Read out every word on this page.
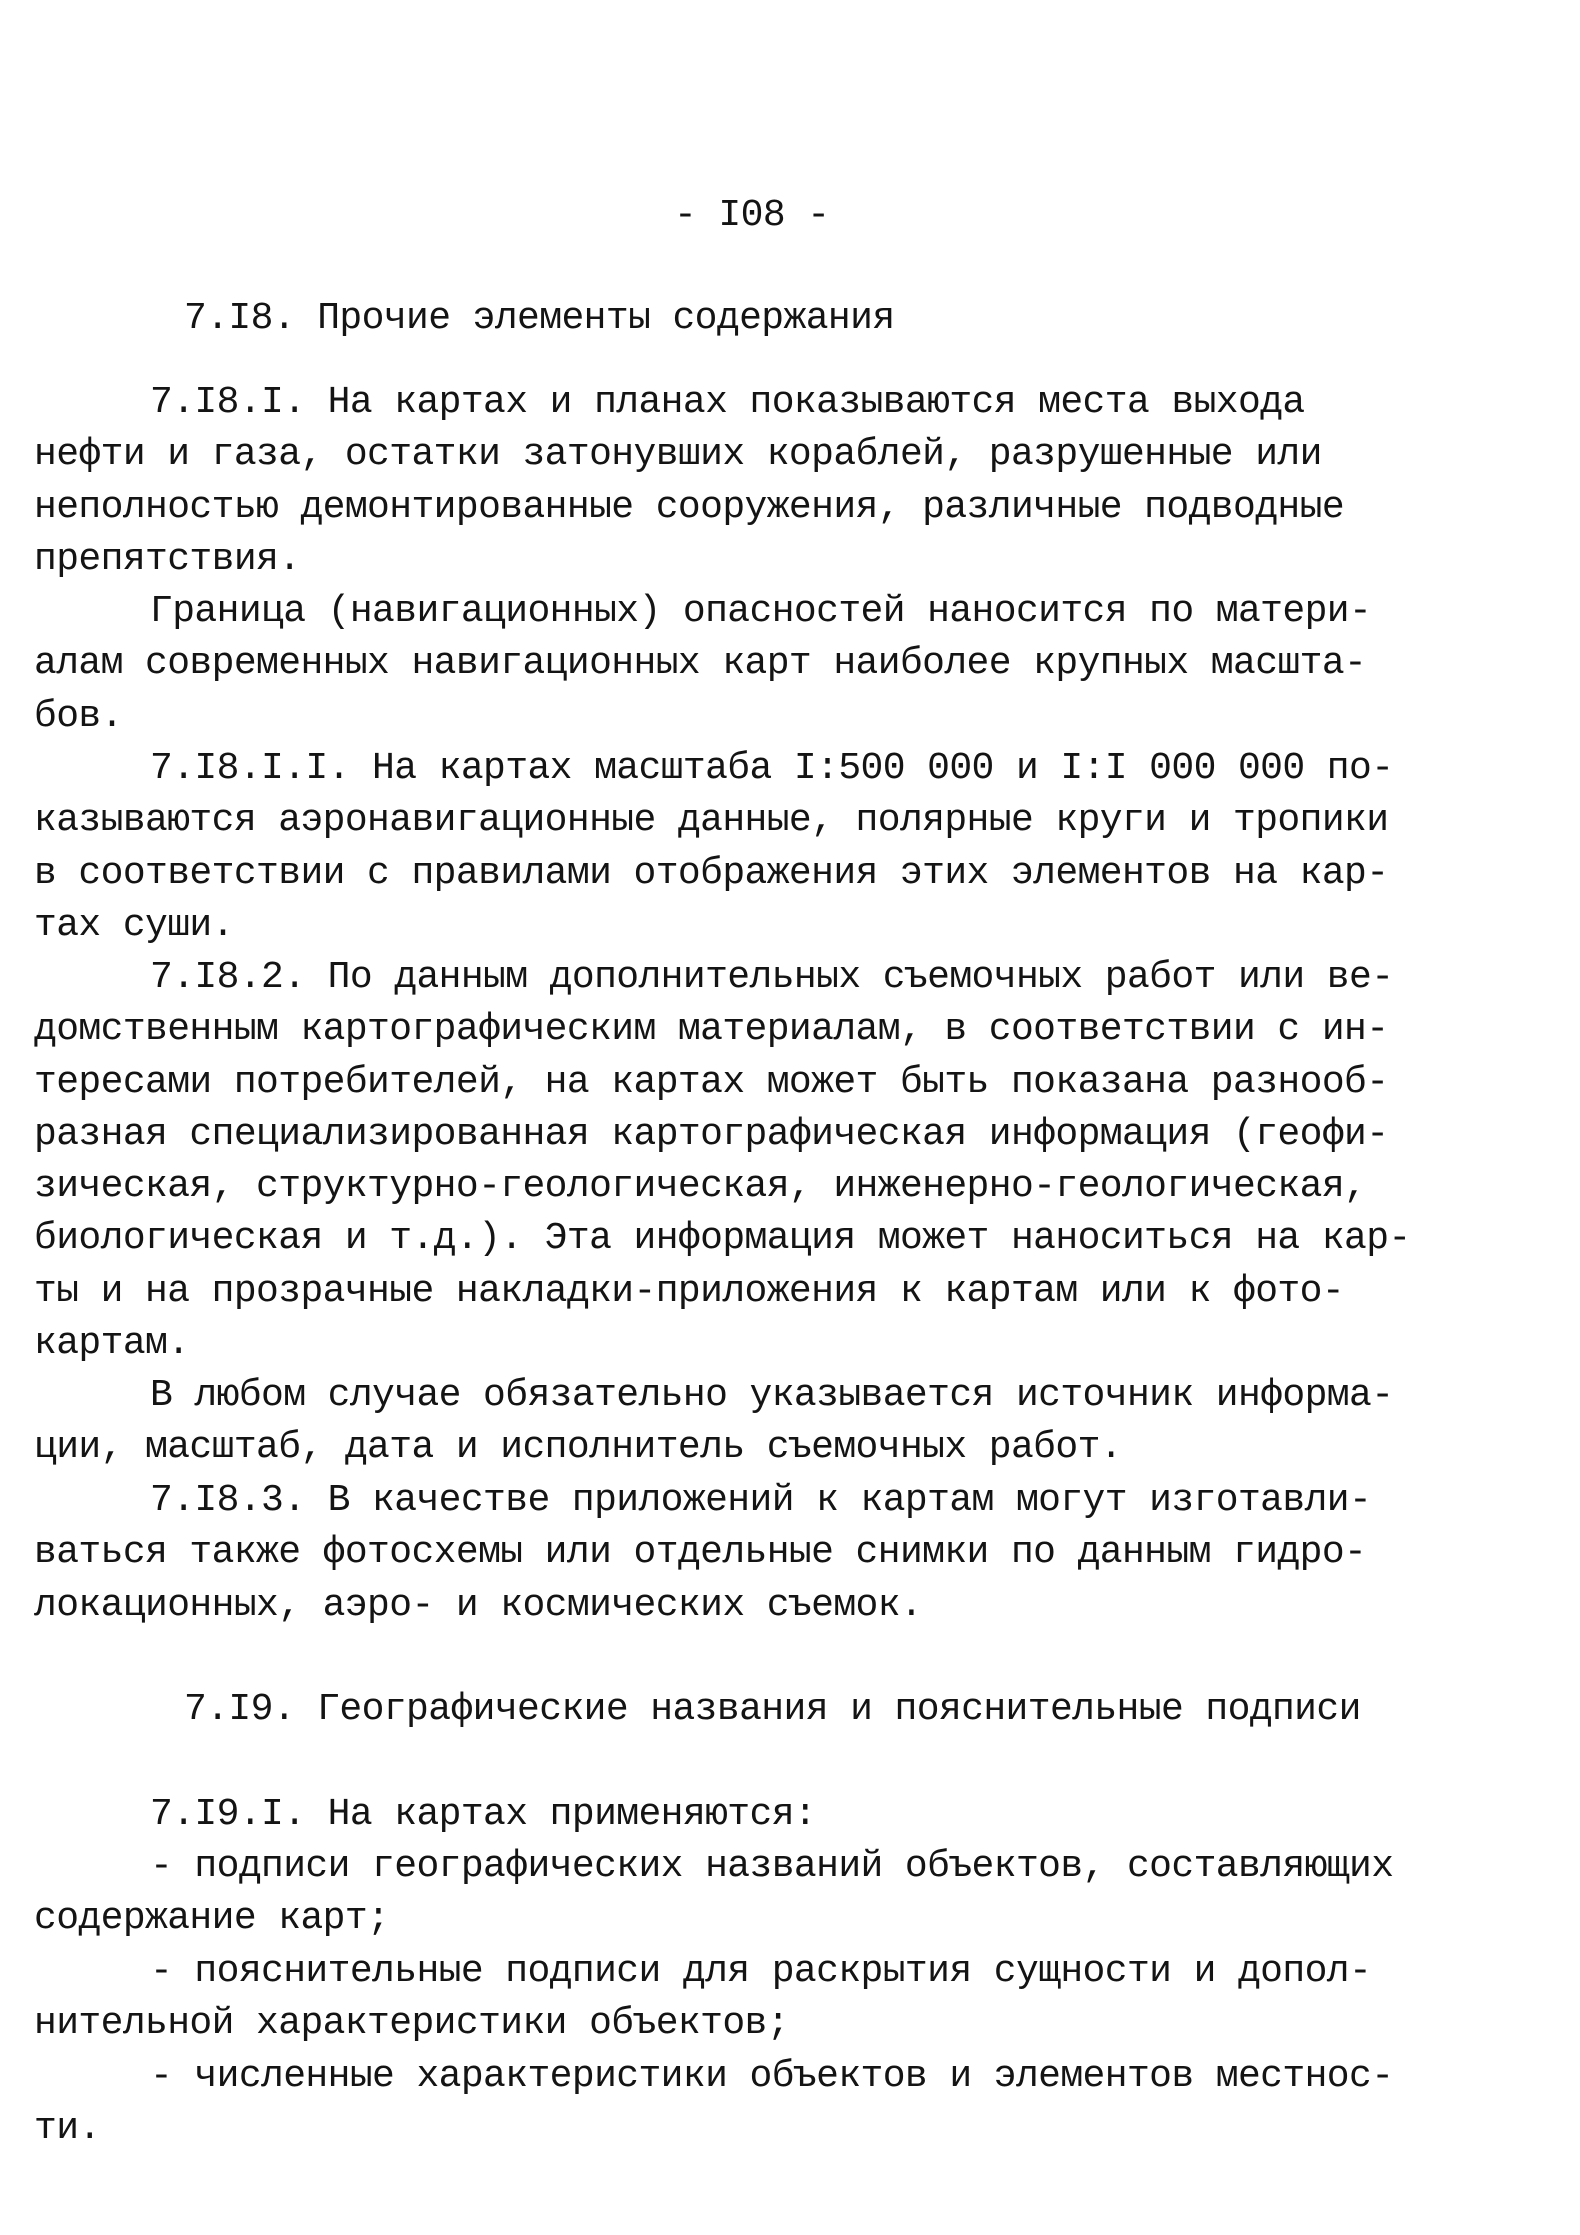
- I08 -
7.I8. Прочие элементы содержания
7.I8.I. На картах и планах показываются места выхода
нефти и газа, остатки затонувших кораблей, разрушенные или
неполностью демонтированные сооружения, различные подводные
препятствия.
Граница (навигационных) опасностей наносится по матери-
алам современных навигационных карт наиболее крупных масшта-
бов.
7.I8.I.I. На картах масштаба I:500 000 и I:I 000 000 по-
казываются аэронавигационные данные, полярные круги и тропики
в соответствии с правилами отображения этих элементов на кар-
тах суши.
7.I8.2. По данным дополнительных съемочных работ или ве-
домственным картографическим материалам, в соответствии с ин-
тересами потребителей, на картах может быть показана разнооб-
разная специализированная картографическая информация (геофи-
зическая, структурно-геологическая, инженерно-геологическая,
биологическая и т.д.). Эта информация может наноситься на кар-
ты и на прозрачные накладки-приложения к картам или к фото-
картам.
В любом случае обязательно указывается источник информа-
ции, масштаб, дата и исполнитель съемочных работ.
7.I8.3. В качестве приложений к картам могут изготавли-
ваться также фотосхемы или отдельные снимки по данным гидро-
локационных, аэро- и космических съемок.
7.I9. Географические названия и пояснительные подписи
7.I9.I. На картах применяются:
- подписи географических названий объектов, составляющих
содержание карт;
- пояснительные подписи для раскрытия сущности и допол-
нительной характеристики объектов;
- численные характеристики объектов и элементов местнос-
ти.
